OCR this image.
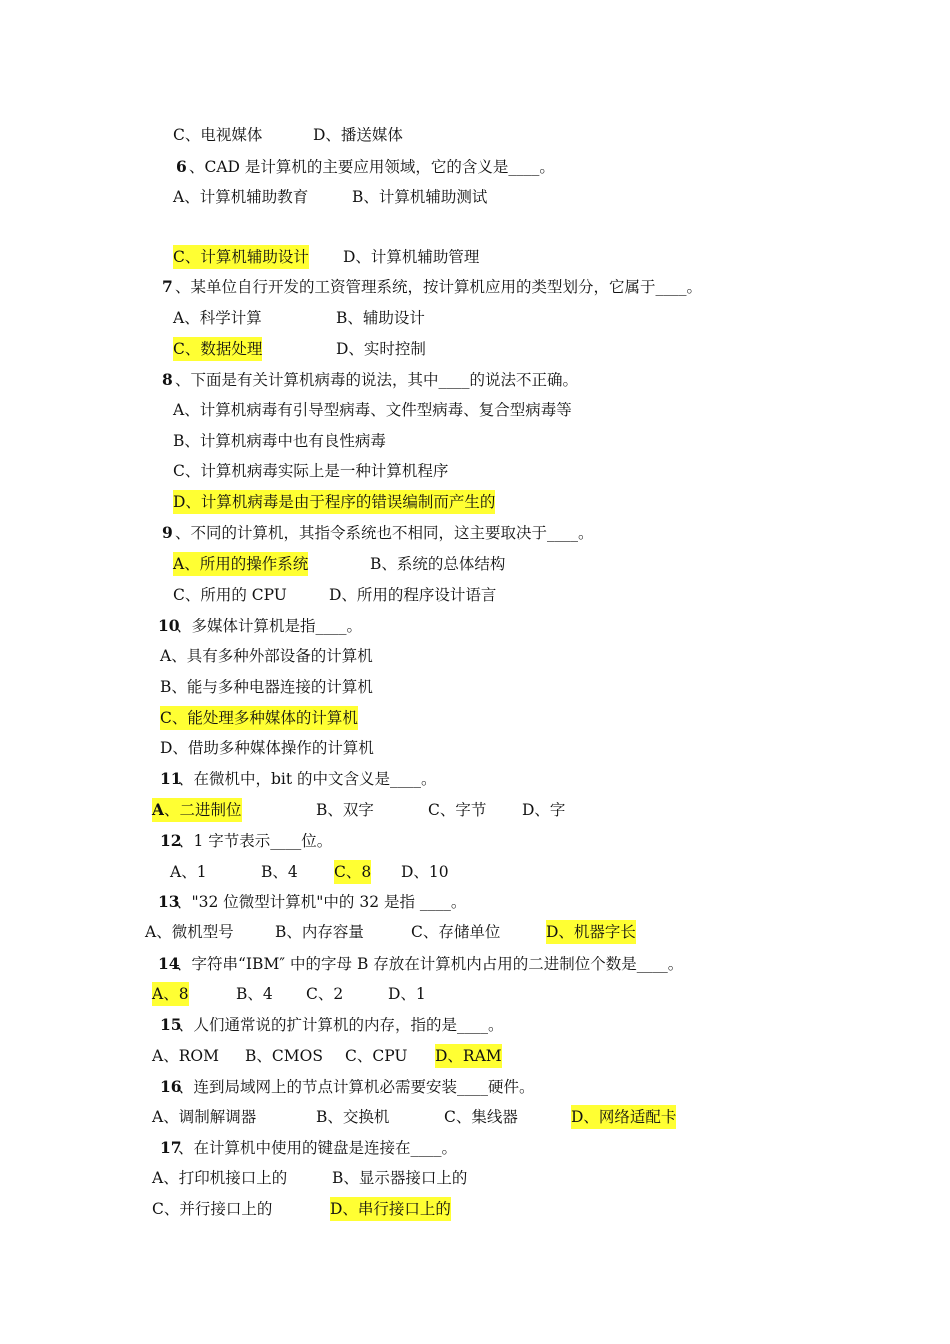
C、电视媒体	D、播送媒体
6 、CAD 是计算机的主要应用领域，它的含义是____。
A、计算机辅助教育	B、计算机辅助测试
C、计算机辅助设计 D、计算机辅助管理
7 、某单位自行开发的工资管理系统，按计算机应用的类型划分，它属于____。
A、科学计算	B、辅助设计
C、数据处理	D、实时控制
8 、下面是有关计算机病毒的说法，其中____的说法不正确。
A、计算机病毒有引导型病毒、文件型病毒、复合型病毒等
B、计算机病毒中也有良性病毒
C、计算机病毒实际上是一种计算机程序
D、计算机病毒是由于程序的错误编制而产生的
9 、不同的计算机，其指令系统也不相同，这主要取决于____。
A、所用的操作系统	B、系统的总体结构
C、所用的 CPU	D、所用的程序设计语言
10
、多媒体计算机是指____。
A、具有多种外部设备的计算机
B、能与多种电器连接的计算机
C、能处理多种媒体的计算机
D、借助多种媒体操作的计算机
11
、在微机中，bit 的中文含义是____。
A 、二进制位	B、双字	C、字节 D、字
12
、1 字节表示____位。
A、1	B、4 C、8 D、10
13
、"32 位微型计算机"中的 32 是指 ____。
A、微机型号	B、内存容量	C、存储单位	D、机器字长
14
、字符串“IBM″ 中的字母 B 存放在计算机内占用的二进制位个数是____。
A、8	B、4 C、2	D、1
15
、人们通常说的扩计算机的内存，指的是____。
A、ROM B、CMOS C、CPU D、RAM
16
、连到局域网上的节点计算机必需要安装____硬件。
A、调制解调器	B、交换机	C、集线器	D、网络适配卡
17
、在计算机中使用的键盘是连接在____。
A、打印机接口上的	B、显示器接口上的
C、并行接口上的	D、串行接口上的
